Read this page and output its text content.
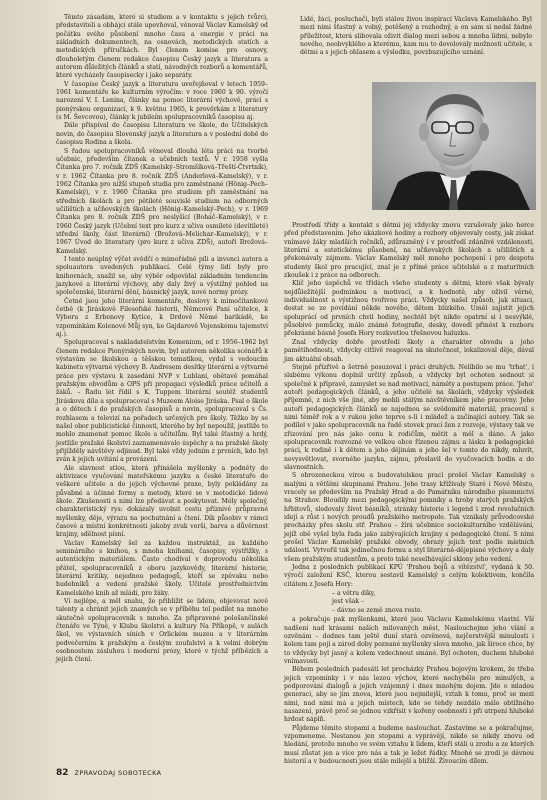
Těmto zásadám, které si studiem a v kontaktu s jejich tvůrci, představiteli a obhájci stále upevňoval, věnoval Václav Kamelský od počátku svého působení mnoho času a energie v práci na základních dokumentech, na osnovách, metodických statích a metodických příručkách. Byl členem komise pro osnovy, dlouholetým členem redakce časopisu Český jazyk a literatura a autorem důležitých článků a statí, návodných rozborů a komentářů, které vycházely časopisecky i jako separáty.

V časopise Český jazyk a literatura uveřejňoval v letech 1959–1961 komentáře ke kulturním výročím: v roce 1960 k 90. výročí narození V. I. Lenina, články na pomoc literární výchově, práci s pionýrskou organizací, k 9. květnu 1965, k prověrkám z literatury (s M. Ševcovou), články k jubileím spolupracovníků časopisu aj.

Dále přispíval do časopisu Literatura ve škole, do Učitelských novin, do časopisu Slovenský jazyk a literatura a v poslední době do časopisu Rodina a škola.

S řadou spolupracovníků věnoval dlouhá léta práci na tvorbě učebnic, především čítanek a učebních textů. V r. 1958 vyšla Čítanka pro 7. ročník ZDŠ (Kamelský–Stromšíková–Třeští-Čtvrtník), v r. 1962 Čítanka pro 8. ročník ZDŠ (Anderlová–Kamelský), v r. 1962 Čítanka pro nižší stupeň studia pro zaměstnané (Hönig–Pech–Kamelský), v r. 1960 Čítanka pro studium při zaměstnání na středních školách a pro pětileté souvislé studium na odborných učilištích a učňovských školách (Hönig–Kamelský–Pech), v r. 1969 Čítanka pro 8. ročník ZDŠ pro neslyšící (Boháč–Kamelský), v r. 1960 Český jazyk (Učební text pro kurz z učiva osmileté (devítileté) střední školy, část literární) (Brožová–Melichar–Kamelský), v r. 1967 Úvod do literatury (pro kurz z učiva ZDŠ), autoři Brožová–Kamelský.

I tento neúplný výčet svědčí o mimořádně píli a invenci autora a spoluautora uvedených publikací. Celé týmy lidí byly pro knihovnách, snažil se, aby výběr odpovídal základním tendencím jazykové a literární výchovy, aby daly živý a výstižný pohled na společenské, literární dění, básnický jazyk, nové normy prózy.

Četné jsou jeho literární komentáře, doslovy k mimočítankové četbě (k Jiráskově Filosofské historii, Němcové Paní učitelce, k Výboru z Erbenovy Kytice, k Drdově Němé barikádě, ke vzpomínkám Kolenové Můj syn, ke Gajdarově Vojenskému tajemství aj.).

Spolupracoval s nakladatelstvím Komenium, od r. 1956–1962 byl členem redakce Pionýrských novin, byl autorem několika scénářů k výstavám se školskou a těšskou tematikou, vydal s vedoucím kabinetu výtvarné výchovy B. Andresem desítky literární a výtvarné práce pro výstavu k zasedání NVP v Lublani, obětavě pomáhal pražským obvodům a OPS při propagaci výsledků práce učitelů a žáků. – Řadu let řídil s K. Tuppem literární soutěž studentů Jiráskova díla a spolupracoval s Muzeem Aloise Jiráska. Psal o škole a o dětech i do pražských časopisů a novin, spolupracoval s Čs. rozhlasem a televizí na pořadech určených pro školy. Těžko by se našel obor publicistické činnosti, kterého by byl nepoužil, jestliže to mohlo znamenat pomoc škole a učitelům. Byl také šťastný a hrdý, jestliže pražské školství zaznamenávalo úspěchy a na pražské školy přijížděly návštěvy odjinud. Byl také vždy jedním z prvních, kdo byl zván k jejich uvítání a provázení.

Ale slavnost stlou, která přinášela myšlenky a podněty do aktivizace vyučování mateřskému jazyku a české literatuře do veškeré učitele a do jejich výchovné praxe, byly pokládány za půvabné a účinné formy a metody, které se v metodické lidové škole. Zkušenosti s nimi lze předávat a poskytovat. Mély společný, charakteristický rys: dokázaly uvolnit cestu příznivé průpravné myšlenky, děje, výrazu na pochutnání a čtení. Dík působiv v rámci časové a místní konkrétnosti jakoby zvuk verši, barva a důvěrnost krajiny, sdělnost písní.

Václav Kamelský šel za každou instruktáž, za každého seminárního s knihou, s mnoha knihami, časopisy, výstřižky, s autentickým materiálem. Často chodíval v doprovodu několika přátel, spolupracovníků z oboru jazykovědy, literární historie, literární kritiky, nejednou pedagogů, kteří se zpěvaku nebo hudebníků a vedení pražské školy. Učitelé prostřednictvím Kamelského knih až mládí, pro žáky.

Ví nejlépe, a měl snahu, že přibližit se lidem, objevovat nové talenty a chránit jejich znamých se v příběhu tel podílet na mnoho skutečně spolupracovník s mnoho. Za připravené pološančínské čtenáře ve Týně, v Klubu školství a kultury Na Příkopě, v aulách škol, ve výstavních síních v Orlickém muzeu a v literárním podvečerním k pražským a českým zoufalství a k velmi dobrým osobnostem zásluhou i moderní prózy, které v týchž příbězích a jejich čtení.

Lidé, žáci, posluchači, byli stálou živou inspirací Václava Kamelského. Byl mezi nimi šťastný a volný, potěšený a rozhodný, a on sám si nedal žádné příležitost, která slibovala oživit dialog mezi sebou a mnoha lidmi, nebylo nového, neobvyklého a kterému, kam mu to dovolovaly možnosti učitele, s dětmi a s jejich ohlasem a výsledku, povzbuzujícího uznání.

Prostředí třídy a kontakt s dětmi jej vždycky znovu vzrušovaly jako herce před představením. Jeho ukázkové hodiny a rozbory objevovaly cesty, jak získat vnímavé žáky mladších ročníků, zdůrazněný i v prostředí zdánlivé vzdálenosti, literární a estetickému působení, na učňovských školách a učilištích a překonávaly zájmem. Václav Kamelský měl mnoho pochopení i pro despotu studenty škol pro pracující, znal je z přímé práce učitelské a z maturitních zkoušek i z práce na odborech.

Klíč jeho úspěchů ve třídách všeho studenty s dětmi, které však bývaly nejdůležitější podmínkou a motivací, a k hodnotě, aby oživil věrné, individuálnost a výstižnou tvořivou práci. Vždycky našel způsob, jak situaci, dostat se ze povídání někde nového, dětem blízkého. Uměl zajistit jejich spoluprácí od prvních chvil hodiny, nechtěl být nikdo opatrní si i nesvýklé, působivé pomůcky, málo známé fotografie, desky, dovedl přinést k rozboru překrásné básně Josefa Hory rozkvetlou třešnovou haluzku.

Znal vždycky dobře prostředí školy a charakter obvodu a jeho pamětihodnosti, vždycky citlivě reagoval na skutečnost, lokalizoval děje, dával jim aktuální obsah.

Stejně přízřivě a šetrně posuzoval i práci druhých. Nelíbilo se mu 'trhat', i slabému výkonu doplnil určitý způsob, a vždycky byl ochoten sednout si společně k přípravě, zamyslet se nad motivací, náměty a postupem práce. 'Jeho' autoři pedagogických článků, a jeho učitelé na školách, vždycky výsledek příjemně, z nich vše jiné, aby mohli stálým návštěvníkem jeho pracovny. Jeho autoři pedagogických článků se najednou se svědomitě materiál, pracoval s nimi téměř rok a v rukou jeho teprve s-li i mládež a začínající autory. Tak se podílel v jako spolupracovník na řadě stovek prací žen z rozvoje, výstavy tak ve zřizování pro nás jako cenu k rodičům, mětit a měl a dáno. A jako spolupracovník rozvozné ve velkou obce řízenou zájmu a lásku k pedagogické práci, k rodině i k dětem a jeho dějinám a jeho šel v tomto do nikdy, mluvit, nevysvětlovat, svorného jazyka, zájmu, přeslavil do vyučovacích hodin a do slavnostních.

S obrozeneckou vírou a budovatelskou prací prošel Václav Kamelský s malými a většími skupinami Prahou. Jeho trasy kříživaly Staré i Nové Město, vracely se především na Pražský Hrad a do Památníku národního písemnictví na Strahov. Bloudily mezi pedagogickými pomníky a hroby starých pražských hřbitovů, sledovaly život básníků, stránky historie i legend i zrod revolučních idejí a růst i nových proudů pražského metropole. Tak vznikaly průvodcovské procházky přes skolu stř. Prahou – žírá učebnice sociokulturního vzdělávání, jejíž obě vyšel byla řada jako zabývajících krajiny s pedagogické čtení. S nimi prošel Václav Kamelský pražské obvody, obrazy jejich text podle místních událostí. Vytvořil tak jedinečnou formu a styl literárně-dějepisné výchovy a daly všem pražským studentům, a proto také neselhávající sklony jeho vedení.

Jedna z posledních publikací KPÚ 'Prahou bojů a vítězství', vydaná k 50. výročí založení KSČ, kterou sestavil Kamelský s celým kolektivem, končila citátem z Josefa Hory:

– a větru díky,
jest však –
– dávno se země znova roste.

a pokračuje pak myšlenkami, které jsou Václavu Kamelskému vlastní. Vší nadšení nad krásami našich milovaných měst, Naslouchejme jeho vlání a ozvěnám – dodnes tam ještě duní stará ozvěnová, nejčerstvější minulosti i kolem tam pojí a zárod doby poznané myšlenky slova mnoho, jak široce chce, by to vždycky byl jasný a kolem vzdechnout smáné. Byl ochoten, duchem hluboké vnímavostí.

Během posledních padesáti let procházky Prahou bojovým krokem, že třeba jejich vzpomínky i v nás lezou výchov, které nechybělo pro minulých, a podporování dialogů a jejich vzájemný i dnes mnohým dojem. Jde o mladou generaci, aby se jim znova, které jsou nejmilejší, vztah k tomu, proč se mezi nimi, nad nimi má a jejich místech, kde se tehdy nezdálo málo obtížného nasazení, právě proč se jednou vzkřísit v kořeny osobnosti i při utrpení hluboké hrdost náplň.

Půjdeme těmito stopami a budeme naslouchat. Zastavíme se a pokračujme, vzpomeneme. Nestanou jen stopami a vyprávějí, nikdo se nikdy znovu od hledání, protože mnoho ve svém vztahu k lidem, kteří stáli u zrodu a ze kterých musí zůstat jen a více pro nás a tak je ležet řádky. Mnohé se zrodí je dávnou historií a v budoucnosti jsou stále milejší a bližší. Živoucím dílem.

82 ZPRAVODAJ SOBOTECKA
